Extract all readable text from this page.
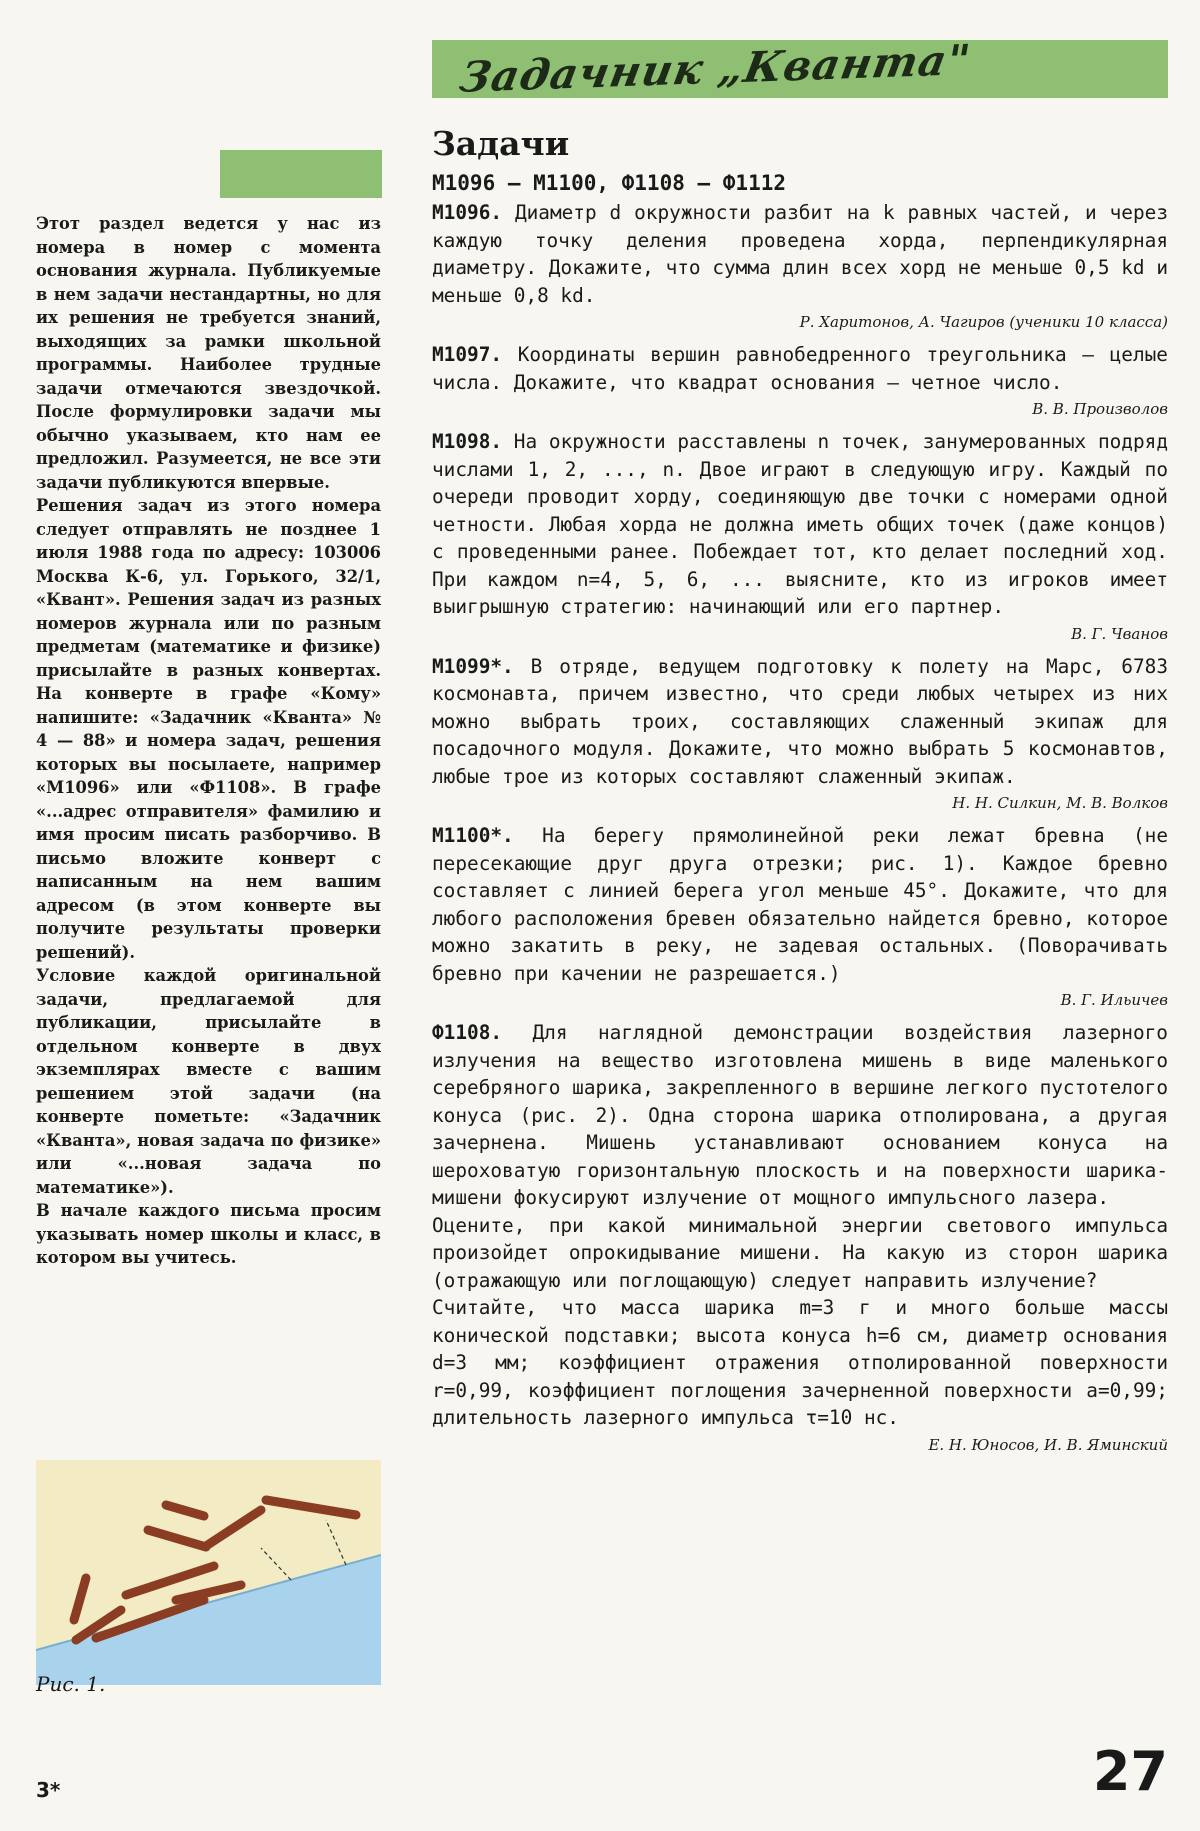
Задачник „Кванта"

Этот раздел ведется у нас из номера в номер с момента основания журнала. Публикуемые в нем задачи нестандартны, но для их решения не требуется знаний, выходящих за рамки школьной программы. Наиболее трудные задачи отмечаются звездочкой. После формулировки задачи мы обычно указываем, кто нам ее предложил. Разумеется, не все эти задачи публикуются впервые.

Решения задач из этого номера следует отправлять не позднее 1 июля 1988 года по адресу: 103006 Москва К-6, ул. Горького, 32/1, «Квант». Решения задач из разных номеров журнала или по разным предметам (математике и физике) присылайте в разных конвертах. На конверте в графе «Кому» напишите: «Задачник «Кванта» № 4 — 88» и номера задач, решения которых вы посылаете, например «М1096» или «Ф1108». В графе «...адрес отправителя» фамилию и имя просим писать разборчиво. В письмо вложите конверт с написанным на нем вашим адресом (в этом конверте вы получите результаты проверки решений).

Условие каждой оригинальной задачи, предлагаемой для публикации, присылайте в отдельном конверте в двух экземплярах вместе с вашим решением этой задачи (на конверте пометьте: «Задачник «Кванта», новая задача по физике» или «...новая задача по математике»).

В начале каждого письма просим указывать номер школы и класс, в котором вы учитесь.

Рис. 1.
Задачи
М1096 — М1100, Ф1108 — Ф1112

М1096. Диаметр d окружности разбит на k равных частей, и через каждую точку деления проведена хорда, перпендикулярная диаметру. Докажите, что сумма длин всех хорд не меньше 0,5 kd и меньше 0,8 kd.

Р. Харитонов, А. Чагиров (ученики 10 класса)

М1097. Координаты вершин равнобедренного треугольника — целые числа. Докажите, что квадрат основания — четное число.

В. В. Произволов

М1098. На окружности расставлены n точек, занумерованных подряд числами 1, 2, ..., n. Двое играют в следующую игру. Каждый по очереди проводит хорду, соединяющую две точки с номерами одной четности. Любая хорда не должна иметь общих точек (даже концов) с проведенными ранее. Побеждает тот, кто делает последний ход. При каждом n=4, 5, 6, ... выясните, кто из игроков имеет выигрышную стратегию: начинающий или его партнер.

В. Г. Чванов

М1099*. В отряде, ведущем подготовку к полету на Марс, 6783 космонавта, причем известно, что среди любых четырех из них можно выбрать троих, составляющих слаженный экипаж для посадочного модуля. Докажите, что можно выбрать 5 космонавтов, любые трое из которых составляют слаженный экипаж.

Н. Н. Силкин, М. В. Волков

М1100*. На берегу прямолинейной реки лежат бревна (не пересекающие друг друга отрезки; рис. 1). Каждое бревно составляет с линией берега угол меньше 45°. Докажите, что для любого расположения бревен обязательно найдется бревно, которое можно закатить в реку, не задевая остальных. (Поворачивать бревно при качении не разрешается.)

В. Г. Ильичев

Ф1108. Для наглядной демонстрации воздействия лазерного излучения на вещество изготовлена мишень в виде маленького серебряного шарика, закрепленного в вершине легкого пустотелого конуса (рис. 2). Одна сторона шарика отполирована, а другая зачернена. Мишень устанавливают основанием конуса на шероховатую горизонтальную плоскость и на поверхности шарика-мишени фокусируют излучение от мощного импульсного лазера.
Оцените, при какой минимальной энергии светового импульса произойдет опрокидывание мишени. На какую из сторон шарика (отражающую или поглощающую) следует направить излучение?
Считайте, что масса шарика m=3 г и много больше массы конической подставки; высота конуса h=6 см, диаметр основания d=3 мм; коэффициент отражения отполированной поверхности r=0,99, коэффициент поглощения зачерненной поверхности a=0,99; длительность лазерного импульса τ=10 нс.

Е. Н. Юносов, И. В. Яминский
3*	27
